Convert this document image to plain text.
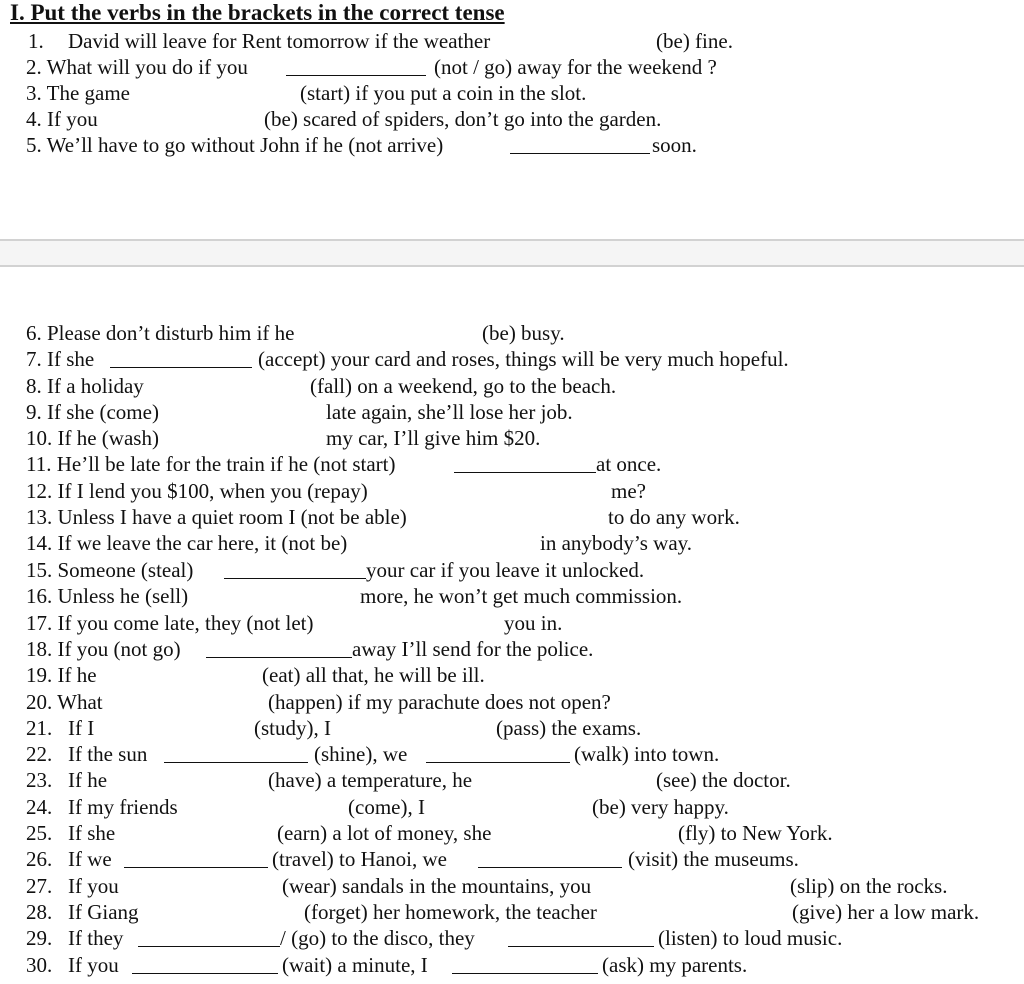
I. Put the verbs in the brackets in the correct tense
1. David will leave for Rent tomorrow if the weather	(be) fine.
2. What will you do if you	(not / go) away for the weekend ?
3. The game	(start) if you put a coin in the slot.
4. If you	(be) scared of spiders, don’t go into the garden.
5. We’ll have to go without John if he (not arrive)	soon.
6. Please don’t disturb him if he	(be) busy.
7. If she	(accept) your card and roses, things will be very much hopeful.
8. If a holiday	(fall) on a weekend, go to the beach.
9. If she (come)	late again, she’ll lose her job.
10. If he (wash)	my car, I’ll give him $20.
11. He’ll be late for the train if he (not start)	at once.
12. If I lend you $100, when you (repay)	me?
13. Unless I have a quiet room I (not be able)	to do any work.
14. If we leave the car here, it (not be)	in anybody’s way.
15. Someone (steal)	your car if you leave it unlocked.
16. Unless he (sell)	more, he won’t get much commission.
17. If you come late, they (not let)	you in.
18. If you (not go)	away I’ll send for the police.
19. If he	(eat) all that, he will be ill.
20. What	(happen) if my parachute does not open?
21. If I	(study), I	(pass) the exams.
22. If the sun	(shine), we	(walk) into town.
23. If he	(have) a temperature, he	(see) the doctor.
24. If my friends	(come), I	(be) very happy.
25. If she	(earn) a lot of money, she	(fly) to New York.
26. If we	(travel) to Hanoi, we	(visit) the museums.
27. If you	(wear) sandals in the mountains, you	(slip) on the rocks.
28. If Giang	(forget) her homework, the teacher	(give) her a low mark.
29. If they	/ (go) to the disco, they	(listen) to loud music.
30. If you	(wait) a minute, I	(ask) my parents.
